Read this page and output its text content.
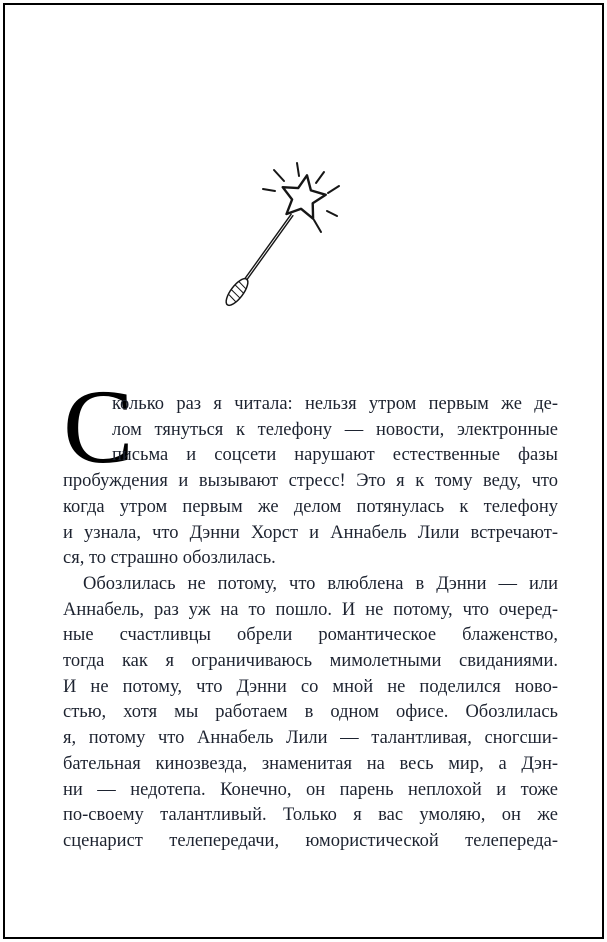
С
колько раз я читала: нельзя утром первым же де-
лом тянуться к телефону — новости, электронные
письма и соцсети нарушают естественные фазы
пробуждения и вызывают стресс! Это я к тому веду, что
когда утром первым же делом потянулась к телефону
и узнала, что Дэнни Хорст и Аннабель Лили встречают-
ся, то страшно обозлилась.
Обозлилась не потому, что влюблена в Дэнни — или
Аннабель, раз уж на то пошло. И не потому, что очеред-
ные счастливцы обрели романтическое блаженство,
тогда как я ограничиваюсь мимолетными свиданиями.
И не потому, что Дэнни со мной не поделился ново-
стью, хотя мы работаем в одном офисе. Обозлилась
я, потому что Аннабель Лили — талантливая, сногсши-
бательная кинозвезда, знаменитая на весь мир, а Дэн-
ни — недотепа. Конечно, он парень неплохой и тоже
по-своему талантливый. Только я вас умоляю, он же
сценарист телепередачи, юмористической телепереда-
